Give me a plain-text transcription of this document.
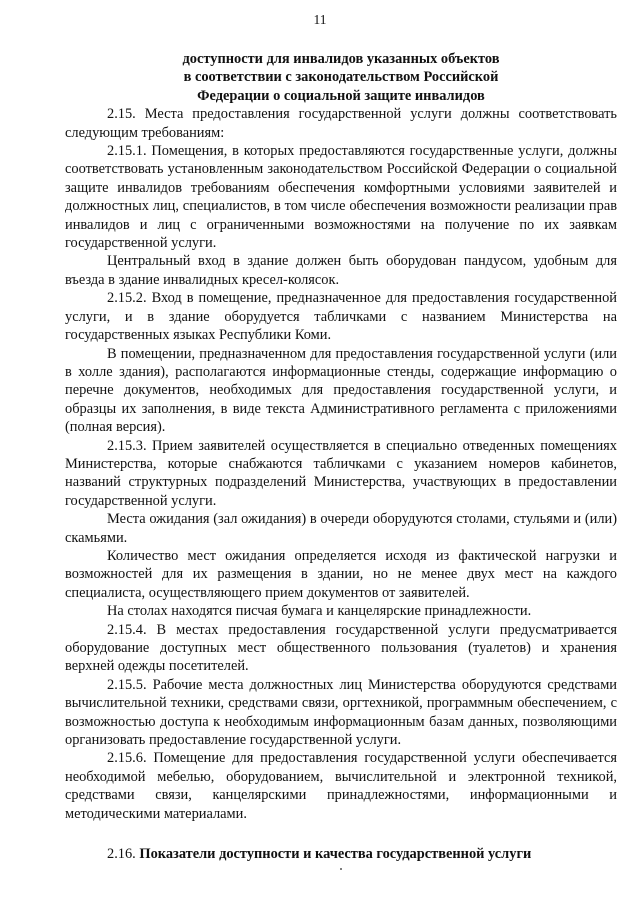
11
доступности для инвалидов указанных объектов
в соответствии с законодательством Российской
Федерации о социальной защите инвалидов

2.15. Места предоставления государственной услуги должны соответствовать следующим требованиям:

2.15.1. Помещения, в которых предоставляются государственные услуги, должны соответствовать установленным законодательством Российской Федерации о социальной защите инвалидов требованиям обеспечения комфортными условиями заявителей и должностных лиц, специалистов, в том числе обеспечения возможности реализации прав инвалидов и лиц с ограниченными возможностями на получение по их заявкам государственной услуги.

Центральный вход в здание должен быть оборудован пандусом, удобным для въезда в здание инвалидных кресел-колясок.

2.15.2. Вход в помещение, предназначенное для предоставления государственной услуги, и в здание оборудуется табличками с названием Министерства на государственных языках Республики Коми.

В помещении, предназначенном для предоставления государственной услуги (или в холле здания), располагаются информационные стенды, содержащие информацию о перечне документов, необходимых для предоставления государственной услуги, и образцы их заполнения, в виде текста Административного регламента с приложениями (полная версия).

2.15.3. Прием заявителей осуществляется в специально отведенных помещениях Министерства, которые снабжаются табличками с указанием номеров кабинетов, названий структурных подразделений Министерства, участвующих в предоставлении государственной услуги.

Места ожидания (зал ожидания) в очереди оборудуются столами, стульями и (или) скамьями.

Количество мест ожидания определяется исходя из фактической нагрузки и возможностей для их размещения в здании, но не менее двух мест на каждого специалиста, осуществляющего прием документов от заявителей.

На столах находятся писчая бумага и канцелярские принадлежности.

2.15.4. В местах предоставления государственной услуги предусматривается оборудование доступных мест общественного пользования (туалетов) и хранения верхней одежды посетителей.

2.15.5. Рабочие места должностных лиц Министерства оборудуются средствами вычислительной техники, средствами связи, оргтехникой, программным обеспечением, с возможностью доступа к необходимым информационным базам данных, позволяющими организовать предоставление государственной услуги.

2.15.6. Помещение для предоставления государственной услуги обеспечивается необходимой мебелью, оборудованием, вычислительной и электронной техникой, средствами связи, канцелярскими принадлежностями, информационными и методическими материалами.

2.16. Показатели доступности и качества государственной услуги
